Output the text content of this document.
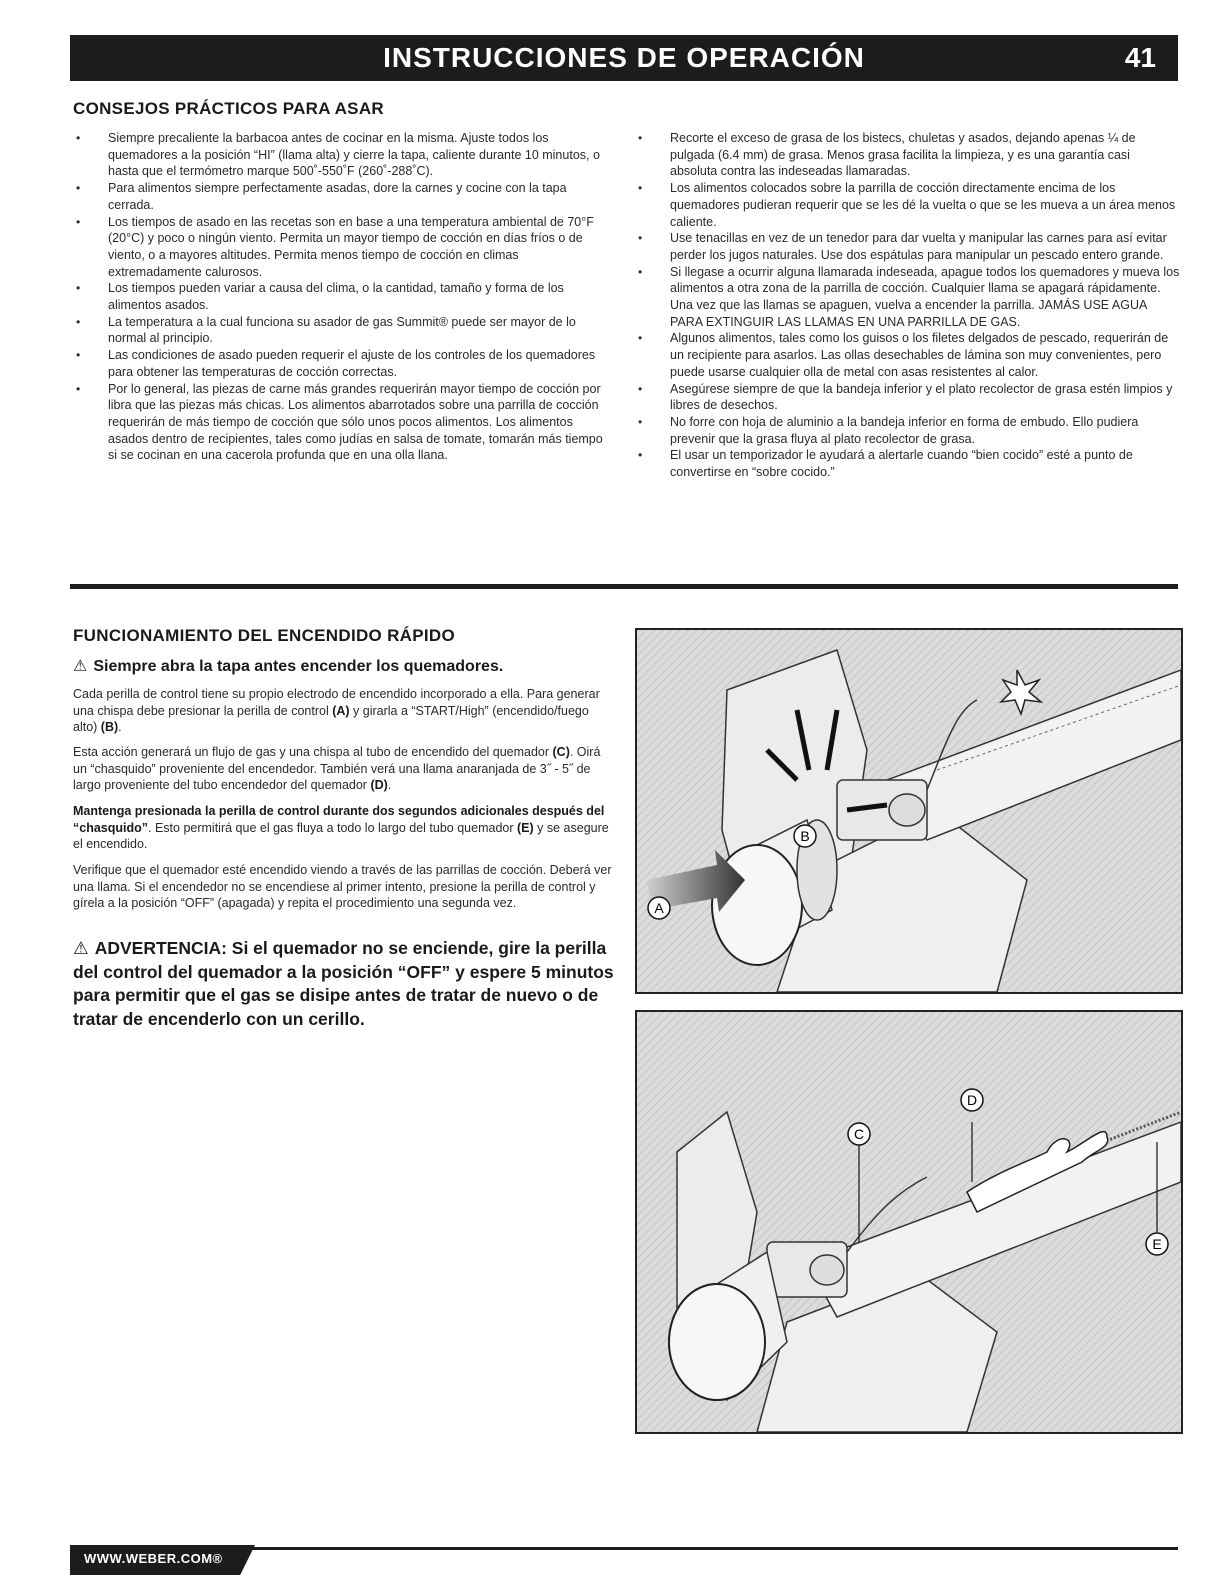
INSTRUCCIONES DE OPERACIÓN	41
CONSEJOS PRÁCTICOS PARA ASAR
• Siempre precaliente la barbacoa antes de cocinar en la misma. Ajuste todos los quemadores a la posición “HI” (llama alta) y cierre la tapa, caliente durante 10 minutos, o hasta que el termómetro marque 500˚-550˚F (260˚-288˚C).
• Para alimentos siempre perfectamente asadas, dore la carnes y cocine con la tapa cerrada.
• Los tiempos de asado en las recetas son en base a una temperatura ambiental de 70°F (20°C) y poco o ningún viento. Permita un mayor tiempo de cocción en días fríos o de viento, o a mayores altitudes. Permita menos tiempo de cocción en climas extremadamente calurosos.
• Los tiempos pueden variar a causa del clima, o la cantidad, tamaño y forma de los alimentos asados.
• La temperatura a la cual funciona su asador de gas Summit® puede ser mayor de lo normal al principio.
• Las condiciones de asado pueden requerir el ajuste de los controles de los quemadores para obtener las temperaturas de cocción correctas.
• Por lo general, las piezas de carne más grandes requerirán mayor tiempo de cocción por libra que las piezas más chicas. Los alimentos abarrotados sobre una parrilla de cocción requerirán de más tiempo de cocción que sólo unos pocos alimentos. Los alimentos asados dentro de recipientes, tales como judías en salsa de tomate, tomarán más tiempo si se cocinan en una cacerola profunda que en una olla llana.
• Recorte el exceso de grasa de los bistecs, chuletas y asados, dejando apenas ¼ de pulgada (6.4 mm) de grasa. Menos grasa facilita la limpieza, y es una garantía casi absoluta contra las indeseadas llamaradas.
• Los alimentos colocados sobre la parrilla de cocción directamente encima de los quemadores pudieran requerir que se les dé la vuelta o que se les mueva a un área menos caliente.
• Use tenacillas en vez de un tenedor para dar vuelta y manipular las carnes para así evitar perder los jugos naturales. Use dos espátulas para manipular un pescado entero grande.
• Si llegase a ocurrir alguna llamarada indeseada, apague todos los quemadores y mueva los alimentos a otra zona de la parrilla de cocción. Cualquier llama se apagará rápidamente. Una vez que las llamas se apaguen, vuelva a encender la parrilla. JAMÁS USE AGUA PARA EXTINGUIR LAS LLAMAS EN UNA PARRILLA DE GAS.
• Algunos alimentos, tales como los guisos o los filetes delgados de pescado, requerirán de un recipiente para asarlos. Las ollas desechables de lámina son muy convenientes, pero puede usarse cualquier olla de metal con asas resistentes al calor.
• Asegúrese siempre de que la bandeja inferior y el plato recolector de grasa estén limpios y libres de desechos.
• No forre con hoja de aluminio a la bandeja inferior en forma de embudo. Ello pudiera prevenir que la grasa fluya al plato recolector de grasa.
• El usar un temporizador le ayudará a alertarle cuando “bien cocido” esté a punto de convertirse en “sobre cocido.”
FUNCIONAMIENTO DEL ENCENDIDO RÁPIDO
⚠ Siempre abra la tapa antes encender los quemadores.

Cada perilla de control tiene su propio electrodo de encendido incorporado a ella. Para generar una chispa debe presionar la perilla de control (A) y girarla a “START/High” (encendido/fuego alto) (B).

Esta acción generará un flujo de gas y una chispa al tubo de encendido del quemador (C). Oirá un “chasquido” proveniente del encendedor. También verá una llama anaranjada de 3˝ - 5˝ de largo proveniente del tubo encendedor del quemador (D).

Mantenga presionada la perilla de control durante dos segundos adicionales después del “chasquido”. Esto permitirá que el gas fluya a todo lo largo del tubo quemador (E) y se asegure el encendido.

Verifique que el quemador esté encendido viendo a través de las parrillas de cocción. Deberá ver una llama. Si el encendedor no se encendiese al primer intento, presione la perilla de control y gírela a la posición “OFF” (apagada) y repita el procedimiento una segunda vez.

⚠ ADVERTENCIA: Si el quemador no se enciende, gire la perilla del control del quemador a la posición “OFF” y espere 5 minutos para permitir que el gas se disipe antes de tratar de nuevo o de tratar de encenderlo con un cerillo.
B
A
C
D
E
WWW.WEBER.COM®
